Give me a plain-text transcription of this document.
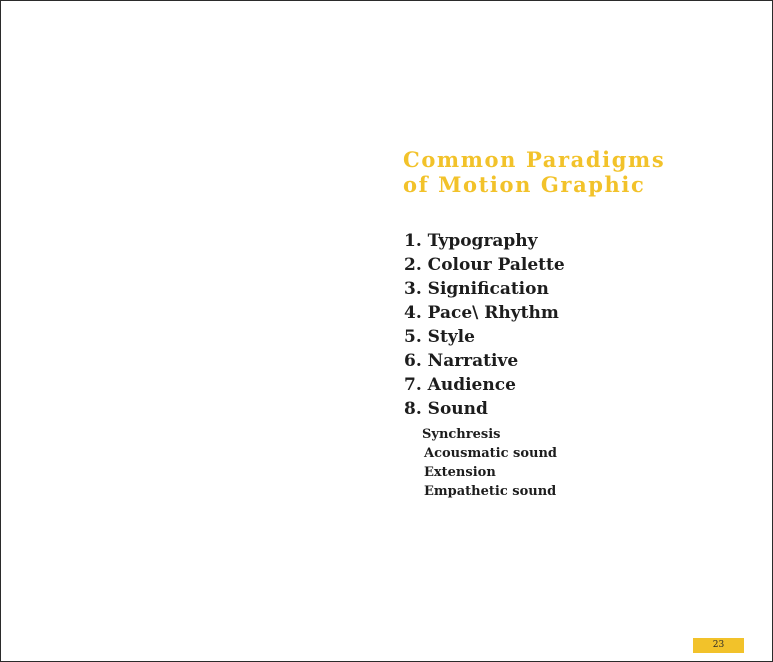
Common Paradigms
of Motion Graphic
1. Typography
2. Colour Palette
3. Signification
4. Pace\ Rhythm
5. Style
6. Narrative
7. Audience
8. Sound
Synchresis
Acousmatic sound
Extension
Empathetic sound
23
